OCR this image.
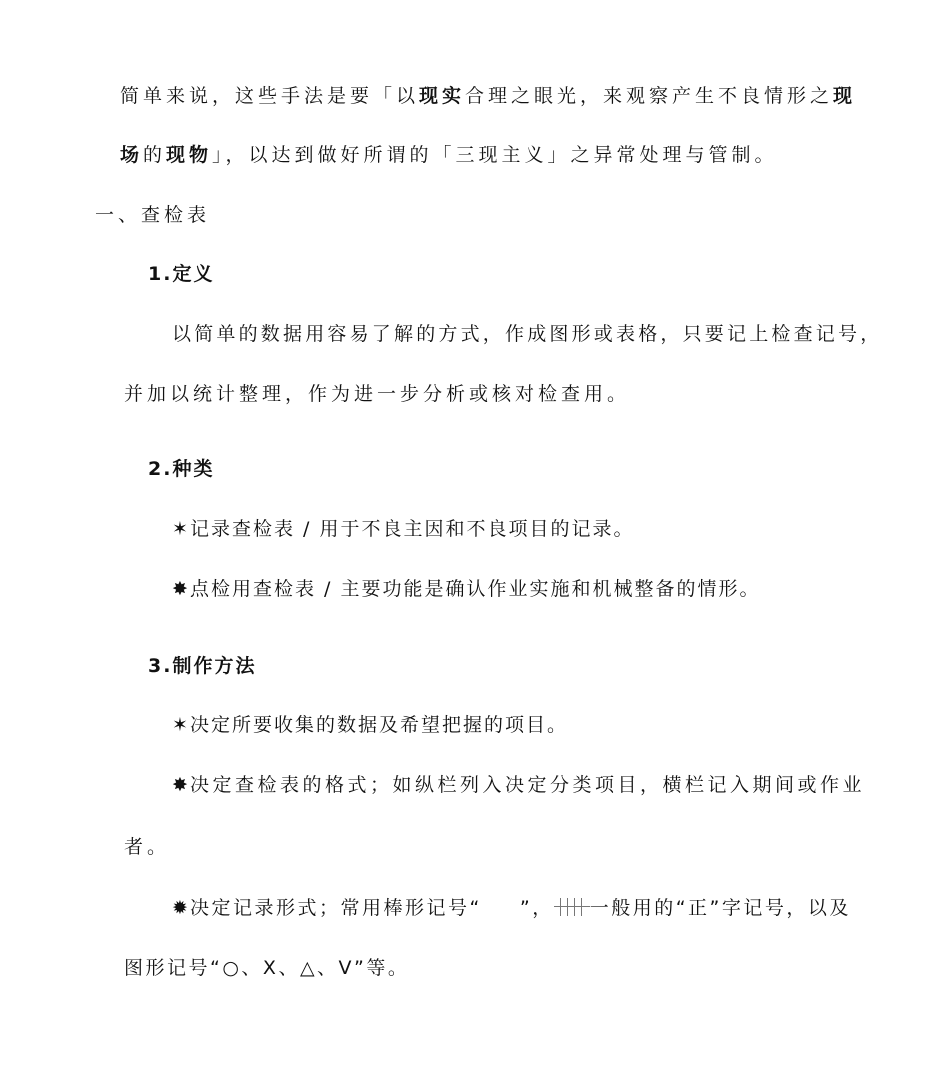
简单来说，这些手法是要「以现实合理之眼光，来观察产生不良情形之现
场的现物」，以达到做好所谓的「三现主义」之异常处理与管制。
一、查检表
1.定义
以简单的数据用容易了解的方式，作成图形或表格，只要记上检查记号，
并加以统计整理，作为进一步分析或核对检查用。
2.种类
✶ 记录查检表 / 用于不良主因和不良项目的记录。
✸ 点检用查检表 / 主要功能是确认作业实施和机械整备的情形。
3.制作方法
✶ 决定所要收集的数据及希望把握的项目。
✸ 决定查检表的格式；如纵栏列入决定分类项目，横栏记入期间或作业
者。
✹ 决定记录形式；常用棒形记号“ ”， 一般用的“正”字记号，以及
图形记号“○、X、△、V”等。
